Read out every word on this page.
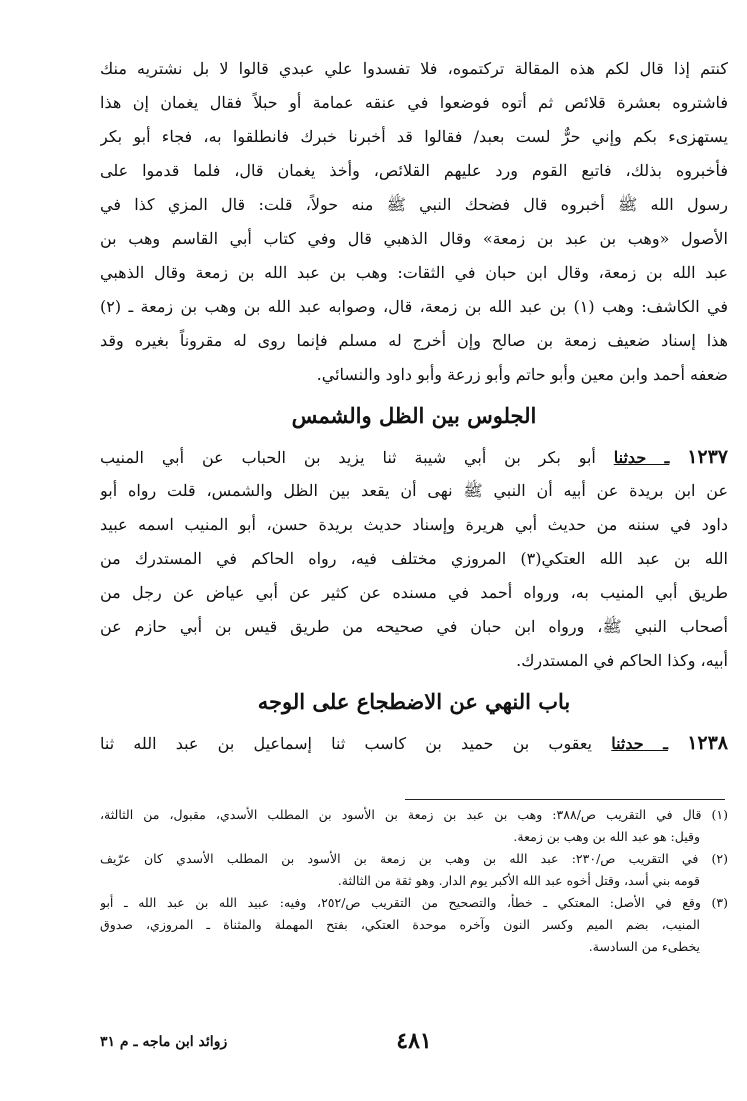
كنتم إذا قال لكم هذه المقالة تركتموه، فلا تفسدوا علي عبدي قالوا لا بل نشتريه منك
فاشتروه بعشرة قلائص ثم أتوه فوضعوا في عنقه عمامة أو حبلاً فقال يغمان إن هذا
يستهزىء بكم وإني حرٌّ لست بعبد/ فقالوا قد أخبرنا خبرك فانطلقوا به، فجاء أبو بكر
فأخبروه بذلك، فاتبع القوم ورد عليهم القلائص، وأخذ يغمان قال، فلما قدموا على
رسول الله ﷺ أخبروه قال فضحك النبي ﷺ منه حولاً، قلت: قال المزي كذا في
الأصول «وهب بن عبد بن زمعة» وقال الذهبي قال وفي كتاب أبي القاسم وهب بن
عبد الله بن زمعة، وقال ابن حبان في الثقات: وهب بن عبد الله بن زمعة وقال الذهبي
في الكاشف: وهب (١) بن عبد الله بن زمعة، قال، وصوابه عبد الله بن وهب بن زمعة ـ (٢)
هذا إسناد ضعيف زمعة بن صالح وإن أخرج له مسلم فإنما روى له مقروناً بغيره وقد
ضعفه أحمد وابن معين وأبو حاتم وأبو زرعة وأبو داود والنسائي.
الجلوس بين الظل والشمس
١٢٣٧ ـ حدثنا أبو بكر بن أبي شيبة ثنا يزيد بن الحباب عن أبي المنيب
عن ابن بريدة عن أبيه أن النبي ﷺ نهى أن يقعد بين الظل والشمس، قلت رواه أبو
داود في سننه من حديث أبي هريرة وإسناد حديث بريدة حسن، أبو المنيب اسمه عبيد
الله بن عبد الله العتكي(٣) المروزي مختلف فيه، رواه الحاكم في المستدرك من
طريق أبي المنيب به، ورواه أحمد في مسنده عن كثير عن أبي عياض عن رجل من
أصحاب النبي ﷺ، ورواه ابن حبان في صحيحه من طريق قيس بن أبي حازم عن
أبيه، وكذا الحاكم في المستدرك.
باب النهي عن الاضطجاع على الوجه
١٢٣٨ ـ حدثنا يعقوب بن حميد بن كاسب ثنا إسماعيل بن عبد الله ثنا
(١) قال في التقريب ص/٣٨٨: وهب بن عبد بن زمعة بن الأسود بن المطلب الأسدي، مقبول، من الثالثة،
وقيل: هو عبد الله بن وهب بن زمعة.
(٢) في التقريب ص/٢٣٠: عبد الله بن وهب بن زمعة بن الأسود بن المطلب الأسدي كان عرّيف
قومه بني أسد، وقتل أخوه عبد الله الأكبر يوم الدار. وهو ثقة من الثالثة.
(٣) وقع في الأصل: المعتكي ـ خطأ، والتصحيح من التقريب ص/٢٥٢، وفيه: عبيد الله بن عبد الله ـ أبو
المنيب، بضم الميم وكسر النون وآخره موحدة العتكي، بفتح المهملة والمثناة ـ المروزي، صدوق
يخطىء من السادسة.
٤٨١
زوائد ابن ماجه ـ م ٣١
